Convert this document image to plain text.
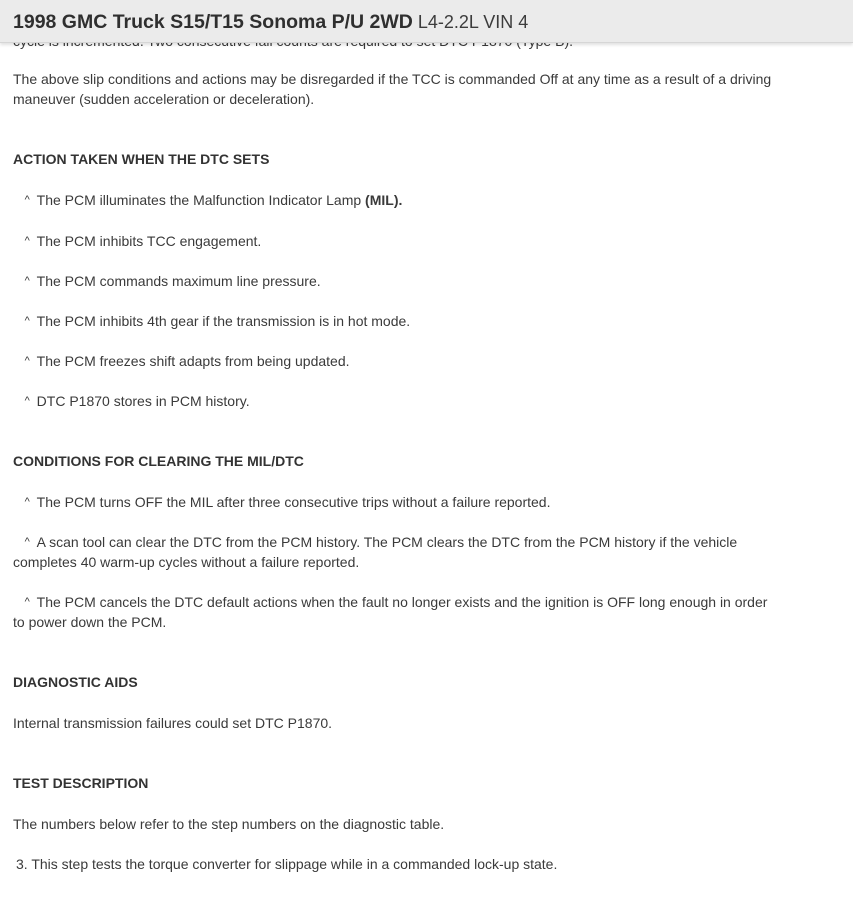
1998 GMC Truck S15/T15 Sonoma P/U 2WD L4-2.2L VIN 4
The above slip conditions and actions may be disregarded if the TCC is commanded Off at any time as a result of a driving maneuver (sudden acceleration or deceleration).
ACTION TAKEN WHEN THE DTC SETS
^ The PCM illuminates the Malfunction Indicator Lamp (MIL).
^ The PCM inhibits TCC engagement.
^ The PCM commands maximum line pressure.
^ The PCM inhibits 4th gear if the transmission is in hot mode.
^ The PCM freezes shift adapts from being updated.
^ DTC P1870 stores in PCM history.
CONDITIONS FOR CLEARING THE MIL/DTC
^ The PCM turns OFF the MIL after three consecutive trips without a failure reported.
^ A scan tool can clear the DTC from the PCM history. The PCM clears the DTC from the PCM history if the vehicle completes 40 warm-up cycles without a failure reported.
^ The PCM cancels the DTC default actions when the fault no longer exists and the ignition is OFF long enough in order to power down the PCM.
DIAGNOSTIC AIDS
Internal transmission failures could set DTC P1870.
TEST DESCRIPTION
The numbers below refer to the step numbers on the diagnostic table.
3. This step tests the torque converter for slippage while in a commanded lock-up state.
